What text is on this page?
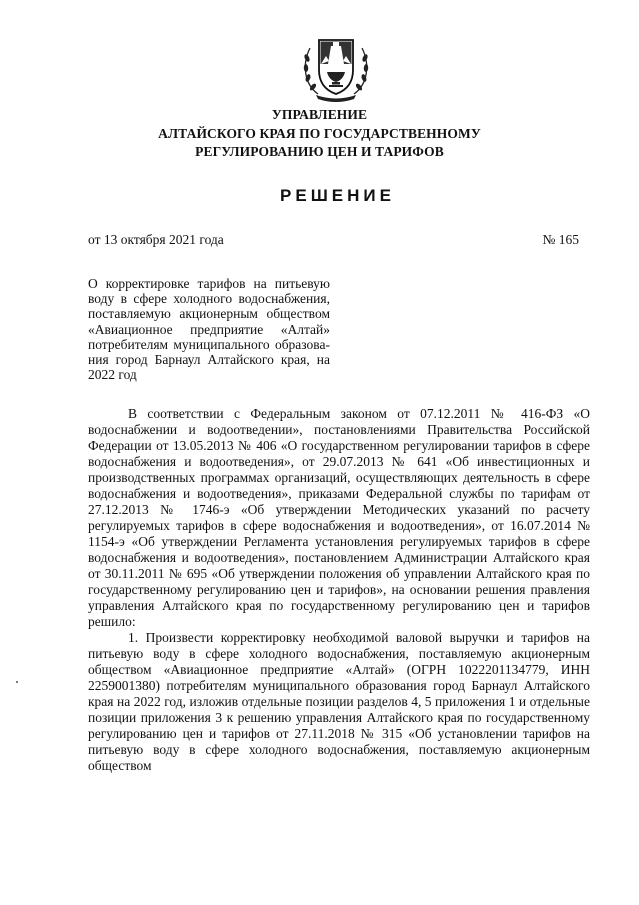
УПРАВЛЕНИЕ
АЛТАЙСКОГО КРАЯ ПО ГОСУДАРСТВЕННОМУ
РЕГУЛИРОВАНИЮ ЦЕН И ТАРИФОВ
РЕШЕНИЕ
от 13 октября 2021 года	№ 165
О корректировке тарифов на питьевую воду в сфере холодного водоснабжения, поставляемую акционерным обществом «Авиационное предприятие «Алтай» потребителям муниципального образования город Барнаул Алтайского края, на 2022 год

В соответствии с Федеральным законом от 07.12.2011 № 416-ФЗ «О водоснабжении и водоотведении», постановлениями Правительства Российской Федерации от 13.05.2013 № 406 «О государственном регулировании тарифов в сфере водоснабжения и водоотведения», от 29.07.2013 № 641 «Об инвестиционных и производственных программах организаций, осуществляющих деятельность в сфере водоснабжения и водоотведения», приказами Федеральной службы по тарифам от 27.12.2013 № 1746-э «Об утверждении Методических указаний по расчету регулируемых тарифов в сфере водоснабжения и водоотведения», от 16.07.2014 № 1154-э «Об утверждении Регламента установления регулируемых тарифов в сфере водоснабжения и водоотведения», постановлением Администрации Алтайского края от 30.11.2011 № 695 «Об утверждении положения об управлении Алтайского края по государственному регулированию цен и тарифов», на основании решения правления управления Алтайского края по государственному регулированию цен и тарифов решило:

1. Произвести корректировку необходимой валовой выручки и тарифов на питьевую воду в сфере холодного водоснабжения, поставляемую акционерным обществом «Авиационное предприятие «Алтай» (ОГРН 1022201134779, ИНН 2259001380) потребителям муниципального образования город Барнаул Алтайского края на 2022 год, изложив отдельные позиции разделов 4, 5 приложения 1 и отдельные позиции приложения 3 к решению управления Алтайского края по государственному регулированию цен и тарифов от 27.11.2018 № 315 «Об установлении тарифов на питьевую воду в сфере холодного водоснабжения, поставляемую акционерным обществом
